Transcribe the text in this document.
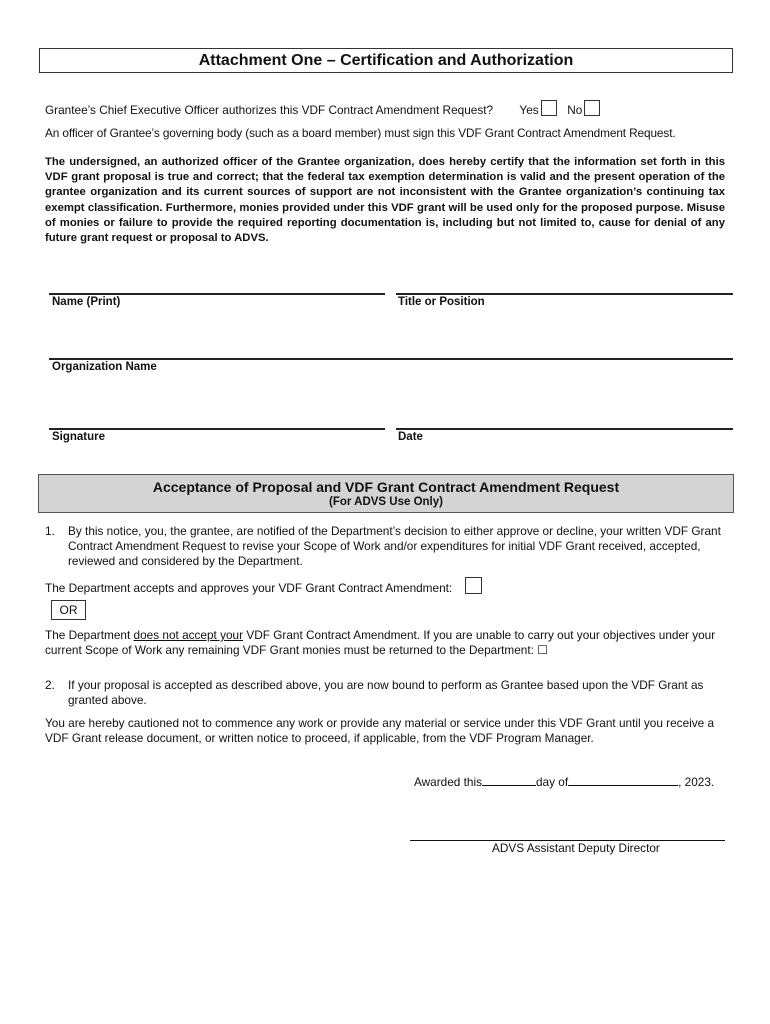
Attachment One – Certification and Authorization
Grantee’s Chief Executive Officer authorizes this VDF Contract Amendment Request? Yes No
An officer of Grantee’s governing body (such as a board member) must sign this VDF Grant Contract Amendment Request.
The undersigned, an authorized officer of the Grantee organization, does hereby certify that the information set forth in this VDF grant proposal is true and correct; that the federal tax exemption determination is valid and the present operation of the grantee organization and its current sources of support are not inconsistent with the Grantee organization’s continuing tax exempt classification. Furthermore, monies provided under this VDF grant will be used only for the proposed purpose. Misuse of monies or failure to provide the required reporting documentation is, including but not limited to, cause for denial of any future grant request or proposal to ADVS.
Name (Print)	Title or Position
Organization Name
Signature	Date
Acceptance of Proposal and VDF Grant Contract Amendment Request
(For ADVS Use Only)
1. By this notice, you, the grantee, are notified of the Department’s decision to either approve or decline, your written VDF Grant Contract Amendment Request to revise your Scope of Work and/or expenditures for initial VDF Grant received, accepted, reviewed and considered by the Department.
The Department accepts and approves your VDF Grant Contract Amendment:
OR
The Department does not accept your VDF Grant Contract Amendment. If you are unable to carry out your objectives under your current Scope of Work any remaining VDF Grant monies must be returned to the Department: ☐
2. If your proposal is accepted as described above, you are now bound to perform as Grantee based upon the VDF Grant as granted above.
You are hereby cautioned not to commence any work or provide any material or service under this VDF Grant until you receive a VDF Grant release document, or written notice to proceed, if applicable, from the VDF Program Manager.
Awarded this	day of	, 2023.
ADVS Assistant Deputy Director
